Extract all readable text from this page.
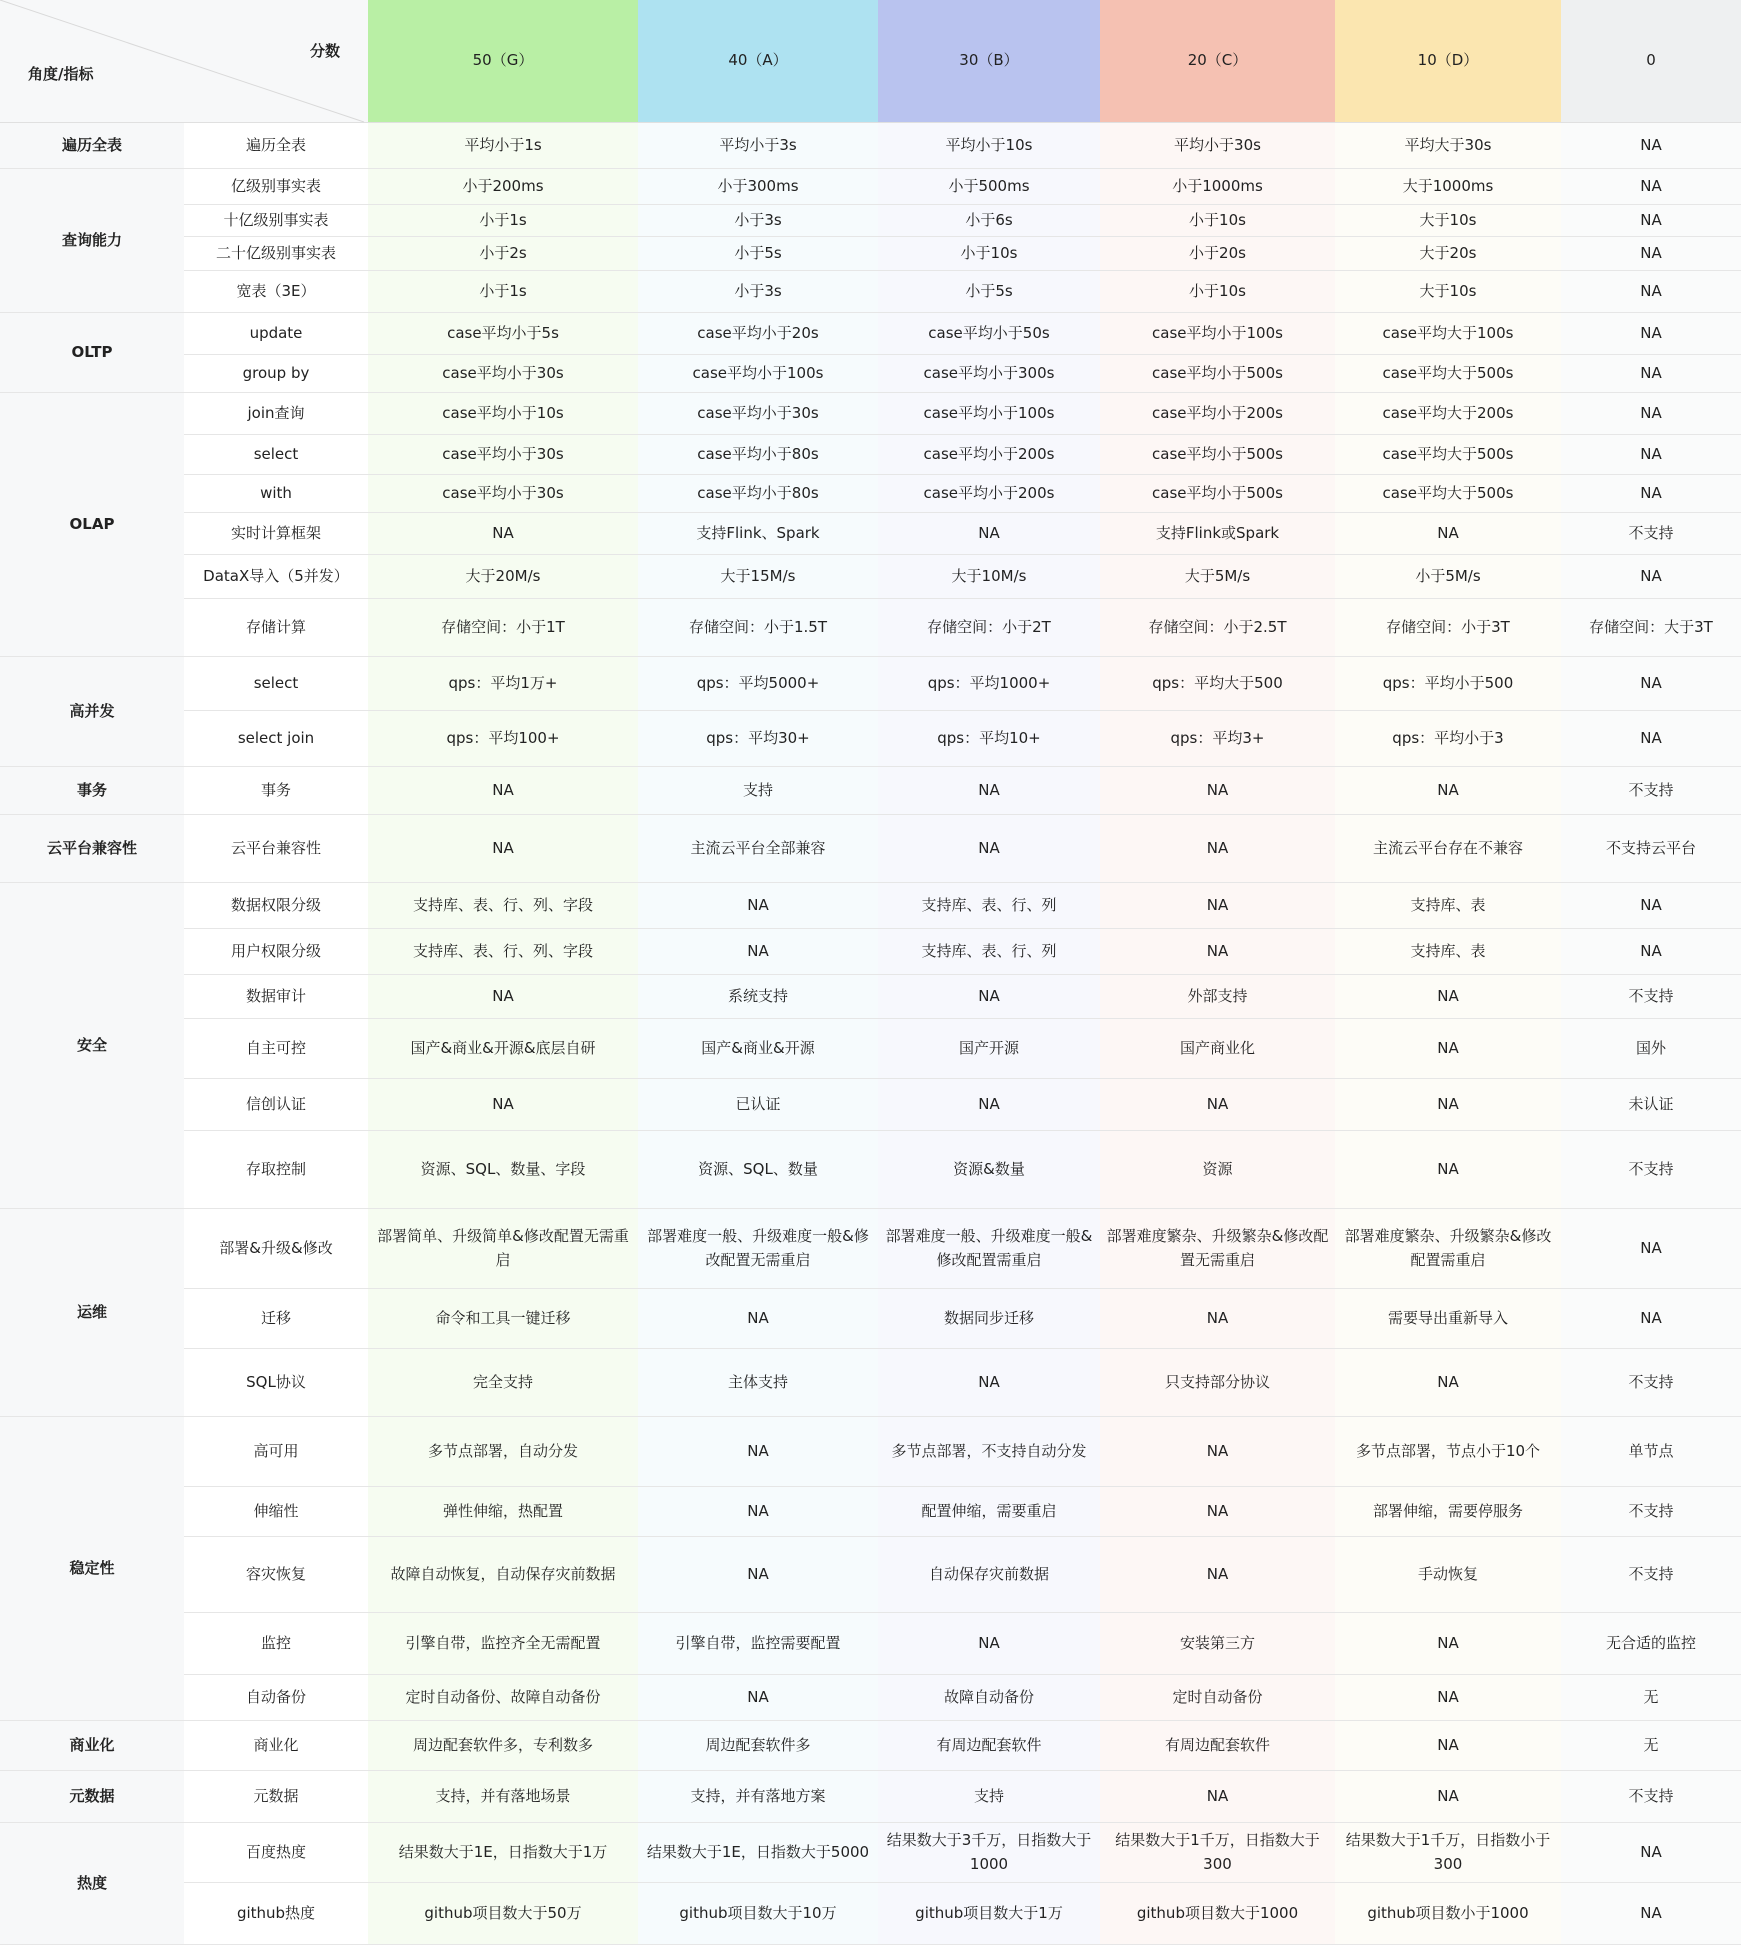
分数
角度/指标		50（G）	40（A）	30（B）	20（C）	10（D）	0
遍历全表	遍历全表	平均小于1s	平均小于3s	平均小于10s	平均小于30s	平均大于30s	NA
查询能力	亿级别事实表	小于200ms	小于300ms	小于500ms	小于1000ms	大于1000ms	NA
	十亿级别事实表	小于1s	小于3s	小于6s	小于10s	大于10s	NA
	二十亿级别事实表	小于2s	小于5s	小于10s	小于20s	大于20s	NA
	宽表（3E）	小于1s	小于3s	小于5s	小于10s	大于10s	NA
OLTP	update	case平均小于5s	case平均小于20s	case平均小于50s	case平均小于100s	case平均大于100s	NA
	group by	case平均小于30s	case平均小于100s	case平均小于300s	case平均小于500s	case平均大于500s	NA
OLAP	join查询	case平均小于10s	case平均小于30s	case平均小于100s	case平均小于200s	case平均大于200s	NA
	select	case平均小于30s	case平均小于80s	case平均小于200s	case平均小于500s	case平均大于500s	NA
	with	case平均小于30s	case平均小于80s	case平均小于200s	case平均小于500s	case平均大于500s	NA
	实时计算框架	NA	支持Flink、Spark	NA	支持Flink或Spark	NA	不支持
	DataX导入（5并发）	大于20M/s	大于15M/s	大于10M/s	大于5M/s	小于5M/s	NA
	存储计算	存储空间：小于1T	存储空间：小于1.5T	存储空间：小于2T	存储空间：小于2.5T	存储空间：小于3T	存储空间：大于3T
高并发	select	qps：平均1万+	qps：平均5000+	qps：平均1000+	qps：平均大于500	qps：平均小于500	NA
	select join	qps：平均100+	qps：平均30+	qps：平均10+	qps：平均3+	qps：平均小于3	NA
事务	事务	NA	支持	NA	NA	NA	不支持
云平台兼容性	云平台兼容性	NA	主流云平台全部兼容	NA	NA	主流云平台存在不兼容	不支持云平台
安全	数据权限分级	支持库、表、行、列、字段	NA	支持库、表、行、列	NA	支持库、表	NA
	用户权限分级	支持库、表、行、列、字段	NA	支持库、表、行、列	NA	支持库、表	NA
	数据审计	NA	系统支持	NA	外部支持	NA	不支持
	自主可控	国产&商业&开源&底层自研	国产&商业&开源	国产开源	国产商业化	NA	国外
	信创认证	NA	已认证	NA	NA	NA	未认证
	存取控制	资源、SQL、数量、字段	资源、SQL、数量	资源&数量	资源	NA	不支持
运维	部署&升级&修改	部署简单、升级简单&修改配置无需重启	部署难度一般、升级难度一般&修改配置无需重启	部署难度一般、升级难度一般&修改配置需重启	部署难度繁杂、升级繁杂&修改配置无需重启	部署难度繁杂、升级繁杂&修改配置需重启	NA
	迁移	命令和工具一键迁移	NA	数据同步迁移	NA	需要导出重新导入	NA
	SQL协议	完全支持	主体支持	NA	只支持部分协议	NA	不支持
稳定性	高可用	多节点部署，自动分发	NA	多节点部署，不支持自动分发	NA	多节点部署，节点小于10个	单节点
	伸缩性	弹性伸缩，热配置	NA	配置伸缩，需要重启	NA	部署伸缩，需要停服务	不支持
	容灾恢复	故障自动恢复，自动保存灾前数据	NA	自动保存灾前数据	NA	手动恢复	不支持
	监控	引擎自带，监控齐全无需配置	引擎自带，监控需要配置	NA	安装第三方	NA	无合适的监控
	自动备份	定时自动备份、故障自动备份	NA	故障自动备份	定时自动备份	NA	无
商业化	商业化	周边配套软件多，专利数多	周边配套软件多	有周边配套软件	有周边配套软件	NA	无
元数据	元数据	支持，并有落地场景	支持，并有落地方案	支持	NA	NA	不支持
热度	百度热度	结果数大于1E，日指数大于1万	结果数大于1E，日指数大于5000	结果数大于3千万，日指数大于1000	结果数大于1千万，日指数大于300	结果数大于1千万，日指数小于300	NA
	github热度	github项目数大于50万	github项目数大于10万	github项目数大于1万	github项目数大于1000	github项目数小于1000	NA
